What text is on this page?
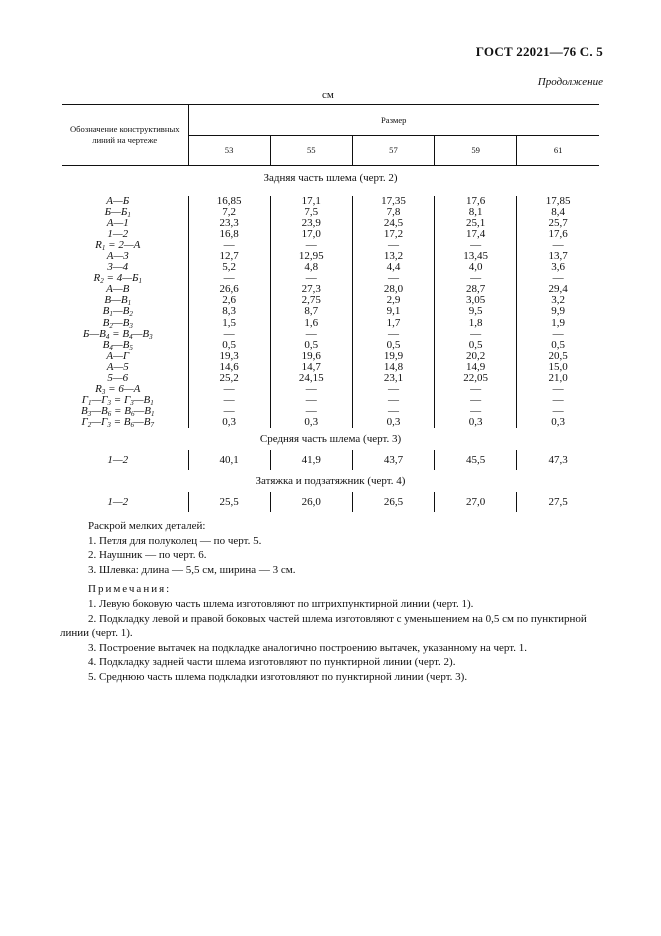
ГОСТ 22021—76 С. 5
Продолжение
см
Обозначение конструктивных линий на чертеже	Размер				
	53	55	57	59	61
Задняя часть шлема (черт. 2)					

А—Б	16,85	17,1	17,35	17,6	17,85
$Б—Б_1$	7,2	7,5	7,8	8,1	8,4
А—1	23,3	23,9	24,5	25,1	25,7
1—2	16,8	17,0	17,2	17,4	17,6
$R_1$ = 2—А	—	—	—	—	—
А—3	12,7	12,95	13,2	13,45	13,7
3—4	5,2	4,8	4,4	4,0	3,6
$R_2$ = $4—Б_1$	—	—	—	—	—
А—В	26,6	27,3	28,0	28,7	29,4
$В—В_1$	2,6	2,75	2,9	3,05	3,2
$В_1—В_2$	8,3	8,7	9,1	9,5	9,9
$В_2—В_3$	1,5	1,6	1,7	1,8	1,9
$Б—В_4$ = $В_4—В_3$	—	—	—	—	—
$В_4—В_5$	0,5	0,5	0,5	0,5	0,5
А—Г	19,3	19,6	19,9	20,2	20,5
А—5	14,6	14,7	14,8	14,9	15,0
5—6	25,2	24,15	23,1	22,05	21,0
$R_3$ = 6—А	—	—	—	—	—
$Г_1—Г_3$ = $Г_3—В_1$	—	—	—	—	—
$В_3—В_6$ = $В_6—В_1$	—	—	—	—	—
$Г_2—Г_3$ = $В_6—В_7$	0,3	0,3	0,3	0,3	0,3
Средняя часть шлема (черт. 3)					
1—2	40,1	41,9	43,7	45,5	47,3
Затяжка и подзатяжник (черт. 4)					
1—2	25,5	26,0	26,5	27,0	27,5

Раскрой мелких деталей:

1. Петля для полуколец — по черт. 5.

2. Наушник — по черт. 6.

3. Шлевка: длина — 5,5 см, ширина — 3 см.

Примечания:

1. Левую боковую часть шлема изготовляют по штрихпунктирной линии (черт. 1).

2. Подкладку левой и правой боковых частей шлема изготовляют с уменьшением на 0,5 см по пунктирной

линии (черт. 1).

3. Построение вытачек на подкладке аналогично построению вытачек, указанному на черт. 1.

4. Подкладку задней части шлема изготовляют по пунктирной линии (черт. 2).

5. Среднюю часть шлема подкладки изготовляют по пунктирной линии (черт. 3).
